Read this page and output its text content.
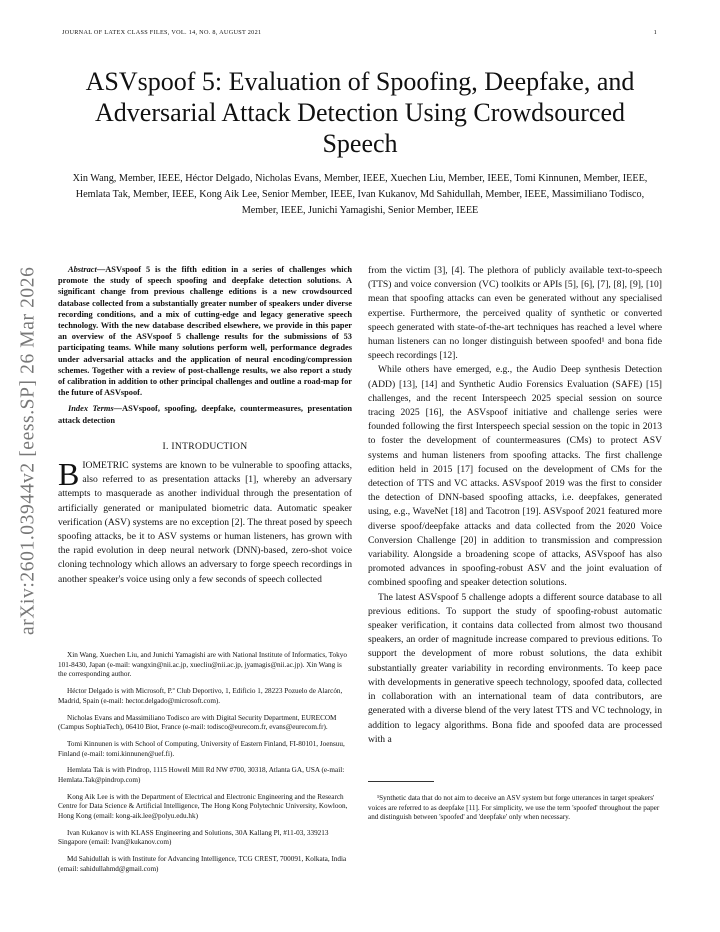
JOURNAL OF LATEX CLASS FILES, VOL. 14, NO. 8, AUGUST 2021	1
arXiv:2601.03944v2 [eess.SP] 26 Mar 2026
ASVspoof 5: Evaluation of Spoofing, Deepfake, and Adversarial Attack Detection Using Crowdsourced Speech
Xin Wang, Member, IEEE, Héctor Delgado, Nicholas Evans, Member, IEEE, Xuechen Liu, Member, IEEE, Tomi Kinnunen, Member, IEEE, Hemlata Tak, Member, IEEE, Kong Aik Lee, Senior Member, IEEE, Ivan Kukanov, Md Sahidullah, Member, IEEE, Massimiliano Todisco, Member, IEEE, Junichi Yamagishi, Senior Member, IEEE

Abstract—ASVspoof 5 is the fifth edition in a series of challenges which promote the study of speech spoofing and deepfake detection solutions. A significant change from previous challenge editions is a new crowdsourced database collected from a substantially greater number of speakers under diverse recording conditions, and a mix of cutting-edge and legacy generative speech technology. With the new database described elsewhere, we provide in this paper an overview of the ASVspoof 5 challenge results for the submissions of 53 participating teams. While many solutions perform well, performance degrades under adversarial attacks and the application of neural encoding/compression schemes. Together with a review of post-challenge results, we also report a study of calibration in addition to other principal challenges and outline a road-map for the future of ASVspoof.

Index Terms—ASVspoof, spoofing, deepfake, countermeasures, presentation attack detection

I. INTRODUCTION

BIOMETRIC systems are known to be vulnerable to spoofing attacks, also referred to as presentation attacks [1], whereby an adversary attempts to masquerade as another individual through the presentation of artificially generated or manipulated biometric data. Automatic speaker verification (ASV) systems are no exception [2]. The threat posed by speech spoofing attacks, be it to ASV systems or human listeners, has grown with the rapid evolution in deep neural network (DNN)-based, zero-shot voice cloning technology which allows an adversary to forge speech recordings in another speaker's voice using only a few seconds of speech collected

Xin Wang, Xuechen Liu, and Junichi Yamagishi are with National Institute of Informatics, Tokyo 101-8430, Japan (e-mail: wangxin@nii.ac.jp, xuecliu@nii.ac.jp, jyamagis@nii.ac.jp). Xin Wang is the corresponding author.

Héctor Delgado is with Microsoft, P.º Club Deportivo, 1, Edificio 1, 28223 Pozuelo de Alarcón, Madrid, Spain (e-mail: hector.delgado@microsoft.com).

Nicholas Evans and Massimiliano Todisco are with Digital Security Department, EURECOM (Campus SophiaTech), 06410 Biot, France (e-mail: todisco@eurecom.fr, evans@eurecom.fr).

Tomi Kinnunen is with School of Computing, University of Eastern Finland, FI-80101, Joensuu, Finland (e-mail: tomi.kinnunen@uef.fi).

Hemlata Tak is with Pindrop, 1115 Howell Mill Rd NW #700, 30318, Atlanta GA, USA (e-mail: Hemlata.Tak@pindrop.com)

Kong Aik Lee is with the Department of Electrical and Electronic Engineering and the Research Centre for Data Science & Artificial Intelligence, The Hong Kong Polytechnic University, Kowloon, Hong Kong (email: kong-aik.lee@polyu.edu.hk)

Ivan Kukanov is with KLASS Engineering and Solutions, 30A Kallang Pl, #11-03, 339213 Singapore (email: Ivan@kukanov.com)

Md Sahidullah is with Institute for Advancing Intelligence, TCG CREST, 700091, Kolkata, India (email: sahidullahmd@gmail.com)

from the victim [3], [4]. The plethora of publicly available text-to-speech (TTS) and voice conversion (VC) toolkits or APIs [5], [6], [7], [8], [9], [10] mean that spoofing attacks can even be generated without any specialised expertise. Furthermore, the perceived quality of synthetic or converted speech generated with state-of-the-art techniques has reached a level where human listeners can no longer distinguish between spoofed¹ and bona fide speech recordings [12].

While others have emerged, e.g., the Audio Deep synthesis Detection (ADD) [13], [14] and Synthetic Audio Forensics Evaluation (SAFE) [15] challenges, and the recent Interspeech 2025 special session on source tracing 2025 [16], the ASVspoof initiative and challenge series were founded following the first Interspeech special session on the topic in 2013 to foster the development of countermeasures (CMs) to protect ASV systems and human listeners from spoofing attacks. The first challenge edition held in 2015 [17] focused on the development of CMs for the detection of TTS and VC attacks. ASVspoof 2019 was the first to consider the detection of DNN-based spoofing attacks, i.e. deepfakes, generated using, e.g., WaveNet [18] and Tacotron [19]. ASVspoof 2021 featured more diverse spoof/deepfake attacks and data collected from the 2020 Voice Conversion Challenge [20] in addition to transmission and compression variability. Alongside a broadening scope of attacks, ASVspoof has also promoted advances in spoofing-robust ASV and the joint evaluation of combined spoofing and speaker detection solutions.

The latest ASVspoof 5 challenge adopts a different source database to all previous editions. To support the study of spoofing-robust automatic speaker verification, it contains data collected from almost two thousand speakers, an order of magnitude increase compared to previous editions. To support the development of more robust solutions, the data exhibit substantially greater variability in recording environments. To keep pace with developments in generative speech technology, spoofed data, collected in collaboration with an international team of data contributors, are generated with a diverse blend of the very latest TTS and VC technology, in addition to legacy algorithms. Bona fide and spoofed data are processed with a

¹Synthetic data that do not aim to deceive an ASV system but forge utterances in target speakers' voices are referred to as deepfake [11]. For simplicity, we use the term 'spoofed' throughout the paper and distinguish between 'spoofed' and 'deepfake' only when necessary.
